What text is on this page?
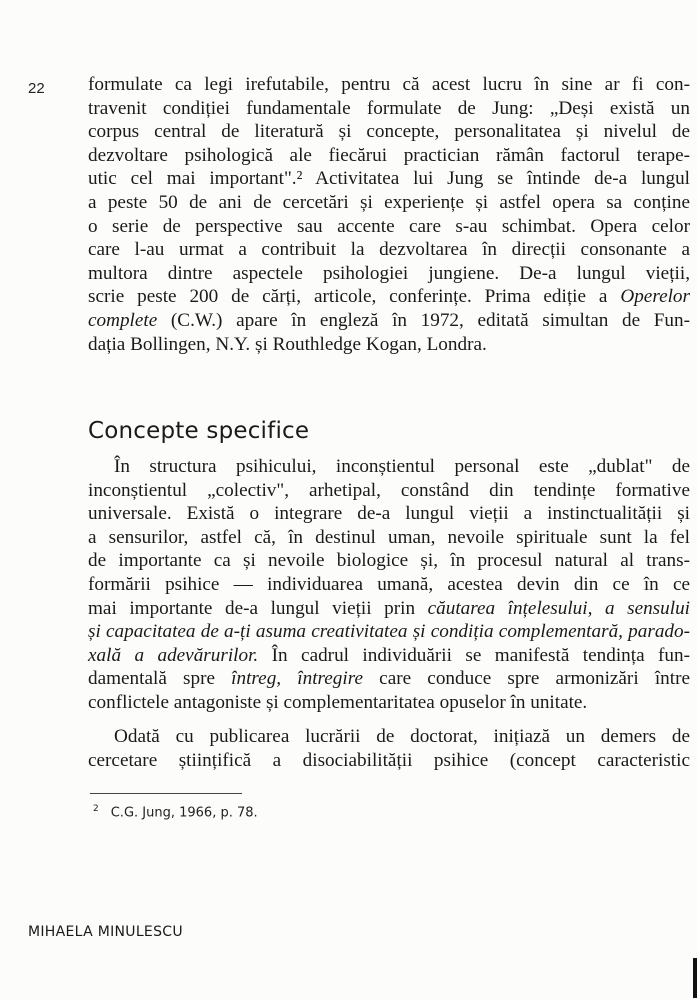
22 formulate ca legi irefutabile, pentru că acest lucru în sine ar fi con-
travenit condiției fundamentale formulate de Jung: „Deși există un
corpus central de literatură și concepte, personalitatea și nivelul de
dezvoltare psihologică ale fiecărui practician rămân factorul terape-
utic cel mai important".² Activitatea lui Jung se întinde de-a lungul
a peste 50 de ani de cercetări și experiențe și astfel opera sa conține
o serie de perspective sau accente care s-au schimbat. Opera celor
care l-au urmat a contribuit la dezvoltarea în direcții consonante a
multora dintre aspectele psihologiei jungiene. De-a lungul vieții,
scrie peste 200 de cărți, articole, conferințe. Prima ediție a Operelor
complete (C.W.) apare în engleză în 1972, editată simultan de Fun-
dația Bollingen, N.Y. și Routhledge Kogan, Londra.
Concepte specifice
În structura psihicului, inconștientul personal este „dublat" de
inconștientul „colectiv", arhetipal, constând din tendințe formative
universale. Există o integrare de-a lungul vieții a instinctualității și
a sensurilor, astfel că, în destinul uman, nevoile spirituale sunt la fel
de importante ca și nevoile biologice și, în procesul natural al trans-
formării psihice — individuarea umană, acestea devin din ce în ce
mai importante de-a lungul vieții prin căutarea înțelesului, a sensului
și capacitatea de a-ți asuma creativitatea și condiția complementară, parado-
xală a adevărurilor. În cadrul individuării se manifestă tendința fun-
damentală spre întreg, întregire care conduce spre armonizări între
conflictele antagoniste și complementaritatea opuselor în unitate.
Odată cu publicarea lucrării de doctorat, inițiază un demers de
cercetare științifică a disociabilității psihice (concept caracteristic
$^2$ C.G. Jung, 1966, p. 78.
MIHAELA MINULESCU
